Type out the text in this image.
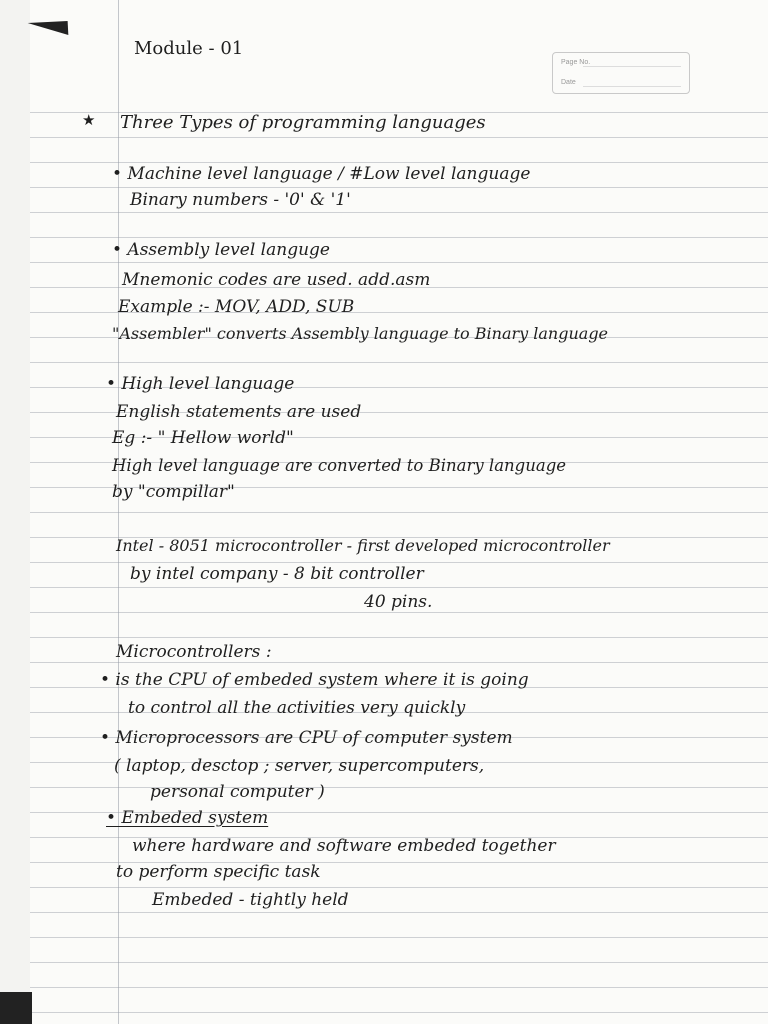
Page No.
Date
Module - 01
★ Three Types of programming languages
• Machine level language / #Low level language
Binary numbers - '0' & '1'
• Assembly level languge
Mnemonic codes are used. add.asm
Example :- MOV, ADD, SUB
"Assembler" converts Assembly language to Binary language
• High level language
English statements are used
Eg :- " Hellow world"
High level language are converted to Binary language
by "compillar"
Intel - 8051 microcontroller - first developed microcontroller
by intel company - 8 bit controller
40 pins.
Microcontrollers :
• is the CPU of embeded system where it is going
to control all the activities very quickly
• Microprocessors are CPU of computer system
( laptop, desctop ; server, supercomputers,
personal computer )
• Embeded system
where hardware and software embeded together
to perform specific task
Embeded - tightly held
